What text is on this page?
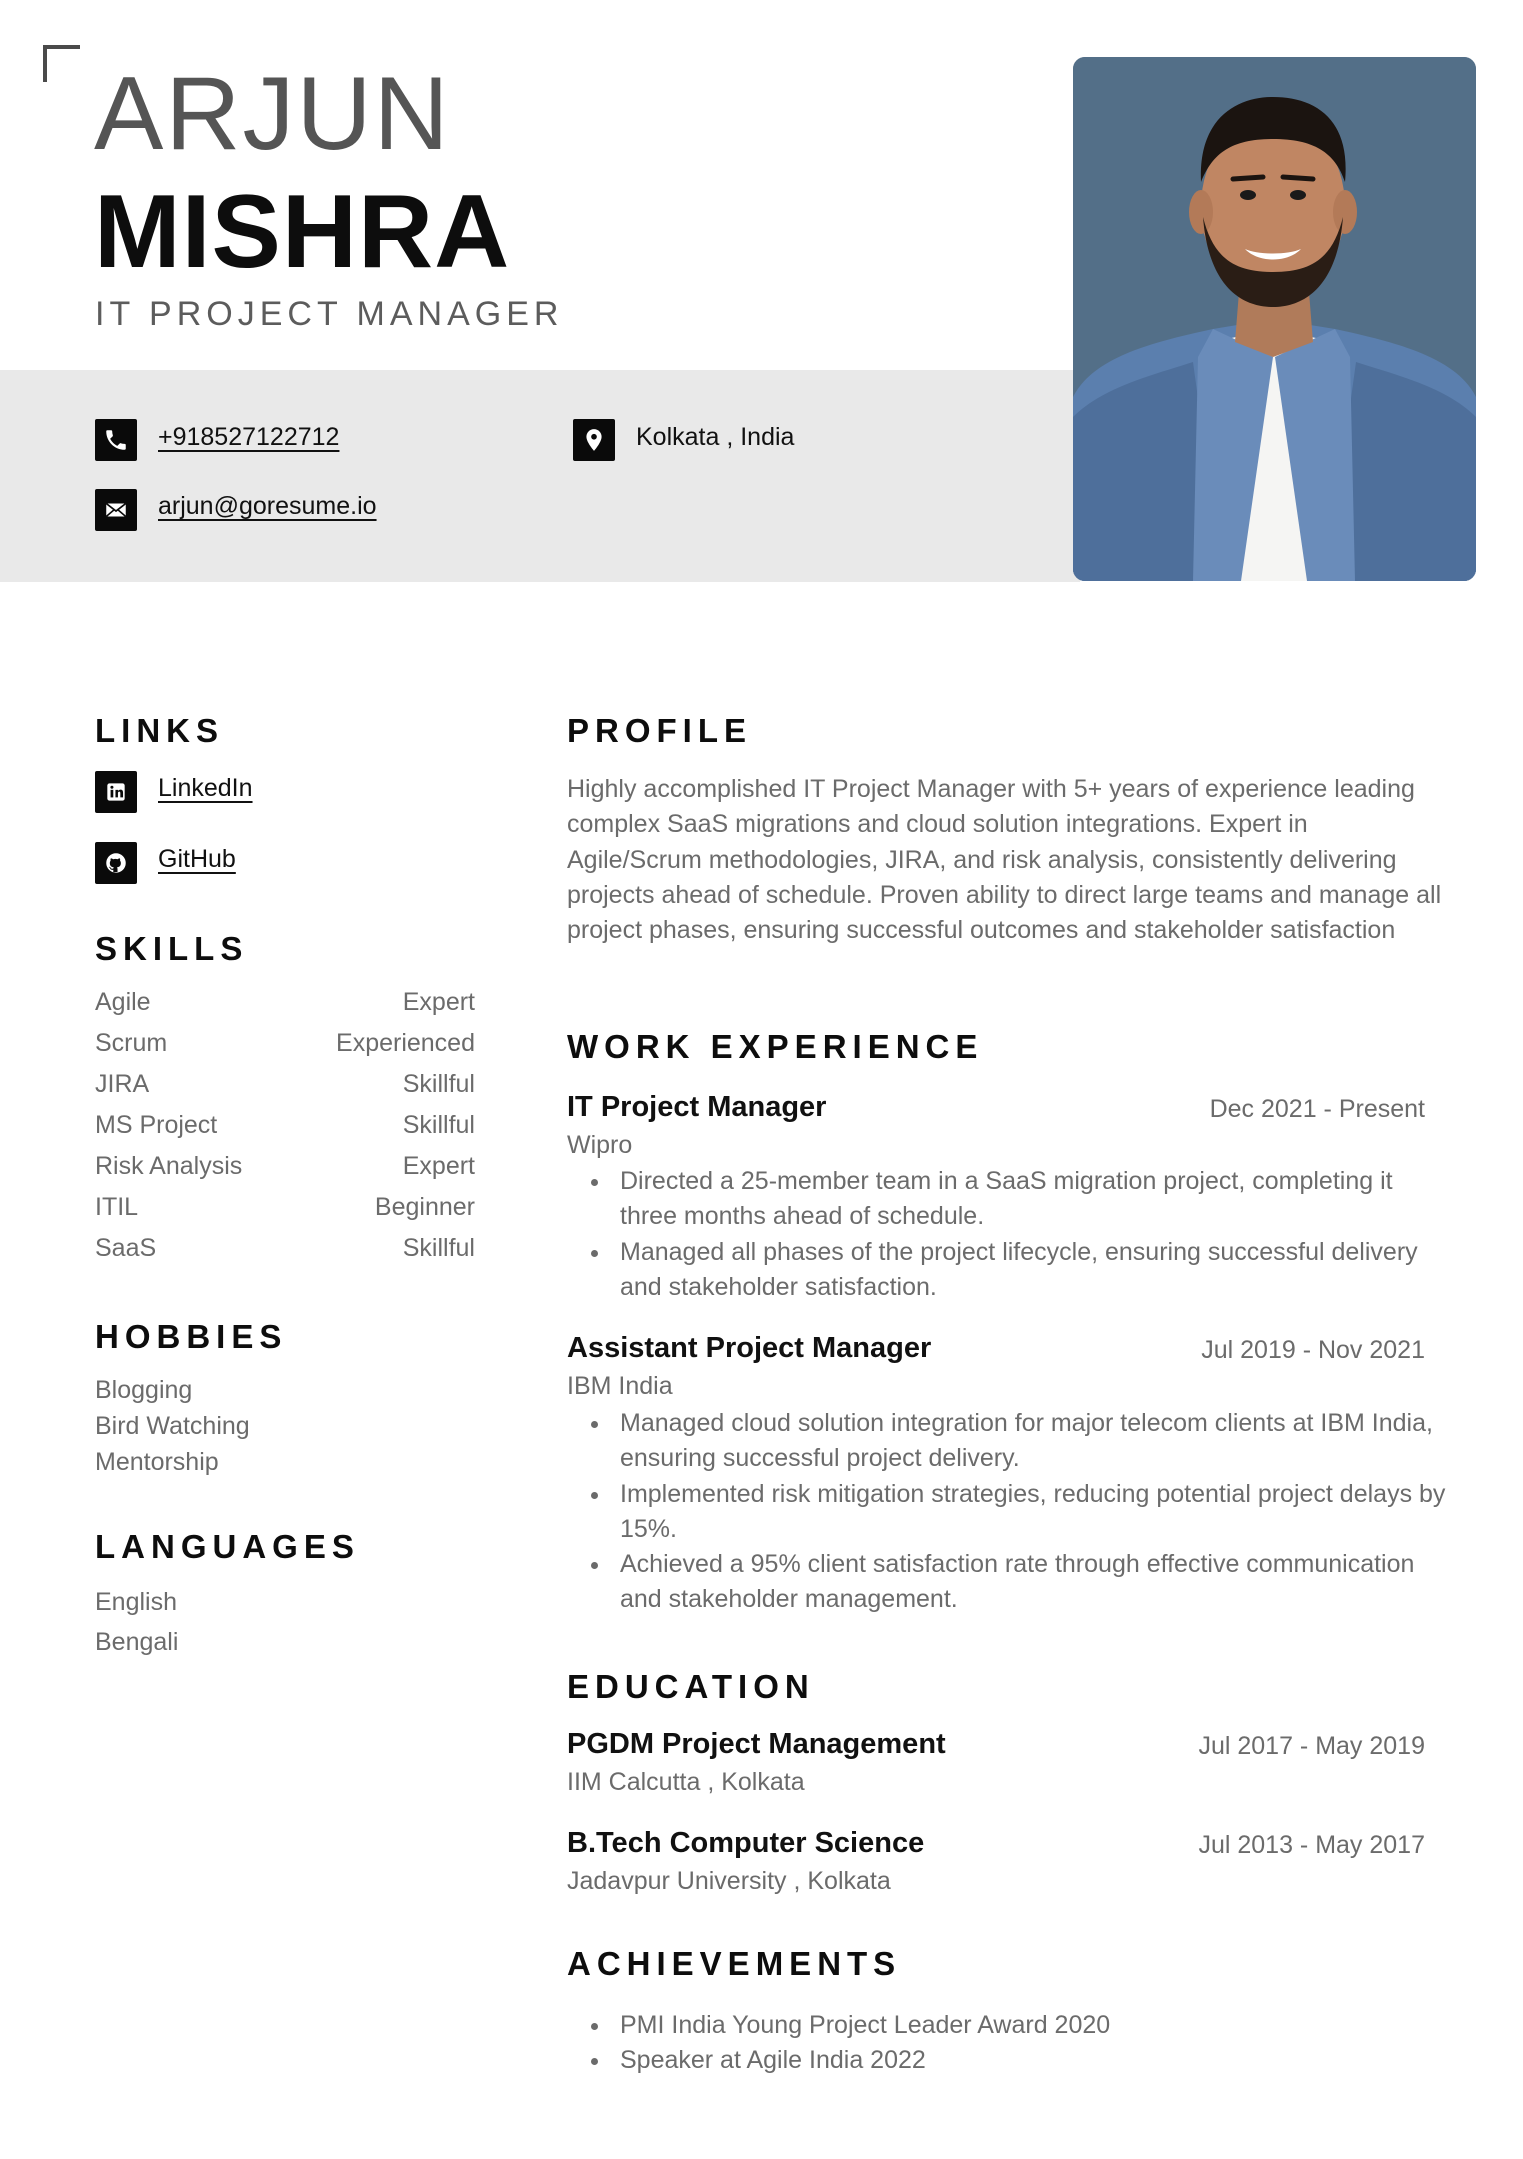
ARJUN
MISHRA
IT PROJECT MANAGER
+918527122712
arjun@goresume.io
Kolkata , India
LINKS
LinkedIn
GitHub
SKILLS
Agile	Expert
Scrum	Experienced
JIRA	Skillful
MS Project	Skillful
Risk Analysis	Expert
ITIL	Beginner
SaaS	Skillful
HOBBIES
Blogging
Bird Watching
Mentorship
LANGUAGES
English
Bengali
PROFILE
Highly accomplished IT Project Manager with 5+ years of experience leading complex SaaS migrations and cloud solution integrations. Expert in Agile/Scrum methodologies, JIRA, and risk analysis, consistently delivering projects ahead of schedule. Proven ability to direct large teams and manage all project phases, ensuring successful outcomes and stakeholder satisfaction
WORK EXPERIENCE
IT Project Manager	Dec 2021 - Present
Wipro
Directed a 25-member team in a SaaS migration project, completing it three months ahead of schedule.
Managed all phases of the project lifecycle, ensuring successful delivery and stakeholder satisfaction.
Assistant Project Manager	Jul 2019 - Nov 2021
IBM India
Managed cloud solution integration for major telecom clients at IBM India, ensuring successful project delivery.
Implemented risk mitigation strategies, reducing potential project delays by 15%.
Achieved a 95% client satisfaction rate through effective communication and stakeholder management.
EDUCATION
PGDM Project Management	Jul 2017 - May 2019
IIM Calcutta , Kolkata
B.Tech Computer Science	Jul 2013 - May 2017
Jadavpur University , Kolkata
ACHIEVEMENTS
PMI India Young Project Leader Award 2020
Speaker at Agile India 2022
